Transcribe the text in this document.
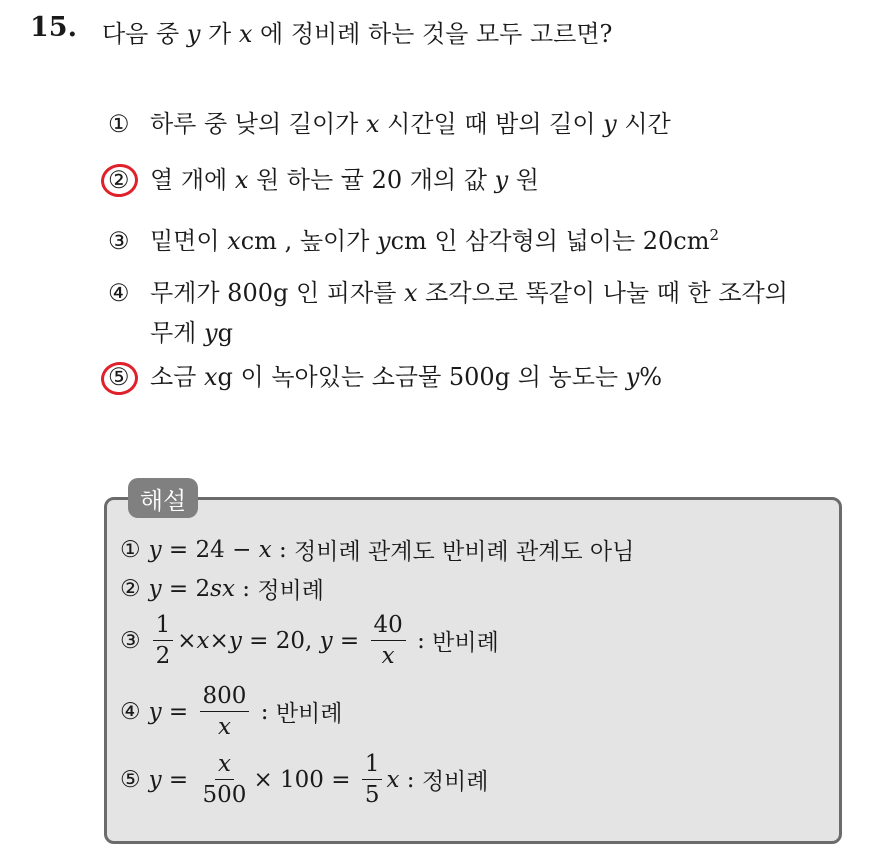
15. 다음 중 y 가 x 에 정비례 하는 것을 모두 고르면?
① 하루 중 낮의 길이가 x 시간일 때 밤의 길이 y 시간
② 열 개에 x 원 하는 귤 20 개의 값 y 원
③ 밑면이 xcm , 높이가 ycm 인 삼각형의 넓이는 $20cm^2$
④ 무게가 800g 인 피자를 x 조각으로 똑같이 나눌 때 한 조각의
무게 yg
⑤ 소금 xg 이 녹아있는 소금물 500g 의 농도는 y%
해설
① y = 24 − x : 정비례 관계도 반비례 관계도 아님
② y = 2 sx : 정비례
③ $\frac{1}{2} \times x \times y = 20$, $y = \frac{40}{x}$ : 반비례
④ $y = \frac{800}{x}$ : 반비례
⑤ $y = \frac{x}{500} \times 100 = \frac{1}{5}$ x : 정비례
